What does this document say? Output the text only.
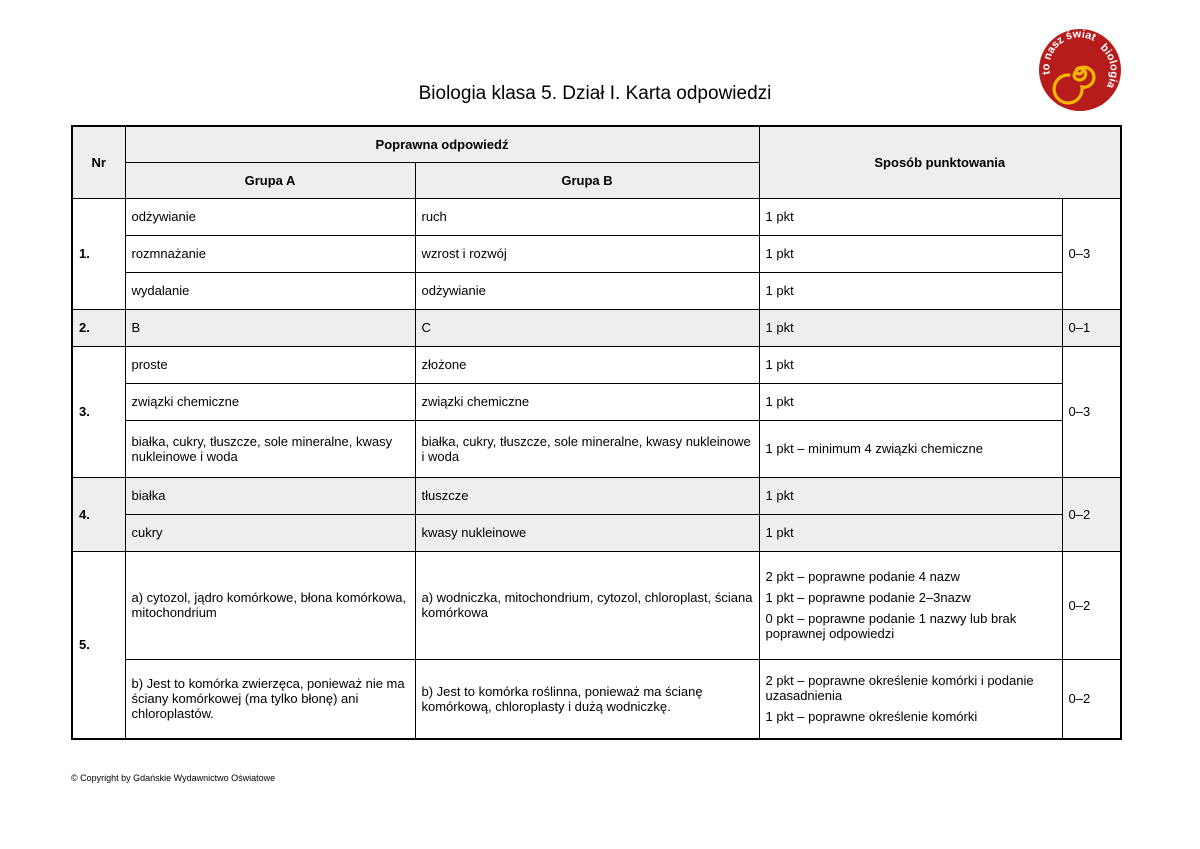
Biologia klasa 5. Dział I. Karta odpowiedzi
to nasz świat
biologia
Nr	Poprawna odpowiedź		Sposób punktowania	
	Grupa A	Grupa B		
1.	odżywianie	ruch	1 pkt	0–3
	rozmnażanie	wzrost i rozwój	1 pkt	
	wydalanie	odżywianie	1 pkt	
2.	B	C	1 pkt	0–1
3.	proste	złożone	1 pkt	0–3
	związki chemiczne	związki chemiczne	1 pkt	
	białka, cukry, tłuszcze, sole mineralne, kwasy nukleinowe i woda	białka, cukry, tłuszcze, sole mineralne, kwasy nukleinowe i woda	1 pkt – minimum 4 związki chemiczne	
4.	białka	tłuszcze	1 pkt	0–2
	cukry	kwasy nukleinowe	1 pkt	
5.	a) cytozol, jądro komórkowe, błona komórkowa, mitochondrium	a) wodniczka, mitochondrium, cytozol, chloroplast, ściana komórkowa	2 pkt – poprawne podanie 4 nazw
1 pkt – poprawne podanie 2–3nazw
0 pkt – poprawne podanie 1 nazwy lub brak poprawnej odpowiedzi	0–2
	b) Jest to komórka zwierzęca, ponieważ nie ma ściany komórkowej (ma tylko błonę) ani chloroplastów.	b) Jest to komórka roślinna, ponieważ ma ścianę komórkową, chloroplasty i dużą wodniczkę.	2 pkt – poprawne określenie komórki i podanie uzasadnienia
1 pkt – poprawne określenie komórki	0–2
© Copyright by Gdańskie Wydawnictwo Oświatowe
